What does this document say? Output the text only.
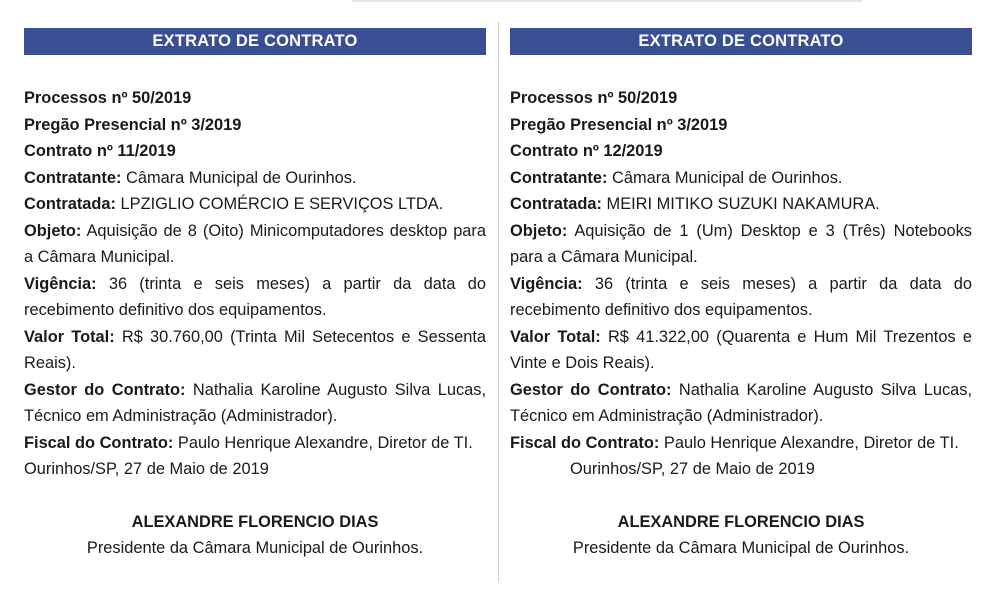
EXTRATO DE CONTRATO

Processos nº 50/2019

Pregão Presencial nº 3/2019

Contrato nº 11/2019

Contratante: Câmara Municipal de Ourinhos.

Contratada: LPZIGLIO COMÉRCIO E SERVIÇOS LTDA.

Objeto: Aquisição de 8 (Oito) Minicomputadores desktop para a Câmara Municipal.

Vigência: 36 (trinta e seis meses) a partir da data do recebimento definitivo dos equipamentos.

Valor Total: R$ 30.760,00 (Trinta Mil Setecentos e Sessenta Reais).

Gestor do Contrato: Nathalia Karoline Augusto Silva Lucas, Técnico em Administração (Administrador).

Fiscal do Contrato: Paulo Henrique Alexandre, Diretor de TI.

Ourinhos/SP, 27 de Maio de 2019

ALEXANDRE FLORENCIO DIAS
Presidente da Câmara Municipal de Ourinhos.
EXTRATO DE CONTRATO

Processos nº 50/2019

Pregão Presencial nº 3/2019

Contrato nº 12/2019

Contratante: Câmara Municipal de Ourinhos.

Contratada: MEIRI MITIKO SUZUKI NAKAMURA.

Objeto: Aquisição de 1 (Um) Desktop e 3 (Três) Notebooks para a Câmara Municipal.

Vigência: 36 (trinta e seis meses) a partir da data do recebimento definitivo dos equipamentos.

Valor Total: R$ 41.322,00 (Quarenta e Hum Mil Trezentos e Vinte e Dois Reais).

Gestor do Contrato: Nathalia Karoline Augusto Silva Lucas, Técnico em Administração (Administrador).

Fiscal do Contrato: Paulo Henrique Alexandre, Diretor de TI.

Ourinhos/SP, 27 de Maio de 2019

ALEXANDRE FLORENCIO DIAS
Presidente da Câmara Municipal de Ourinhos.
